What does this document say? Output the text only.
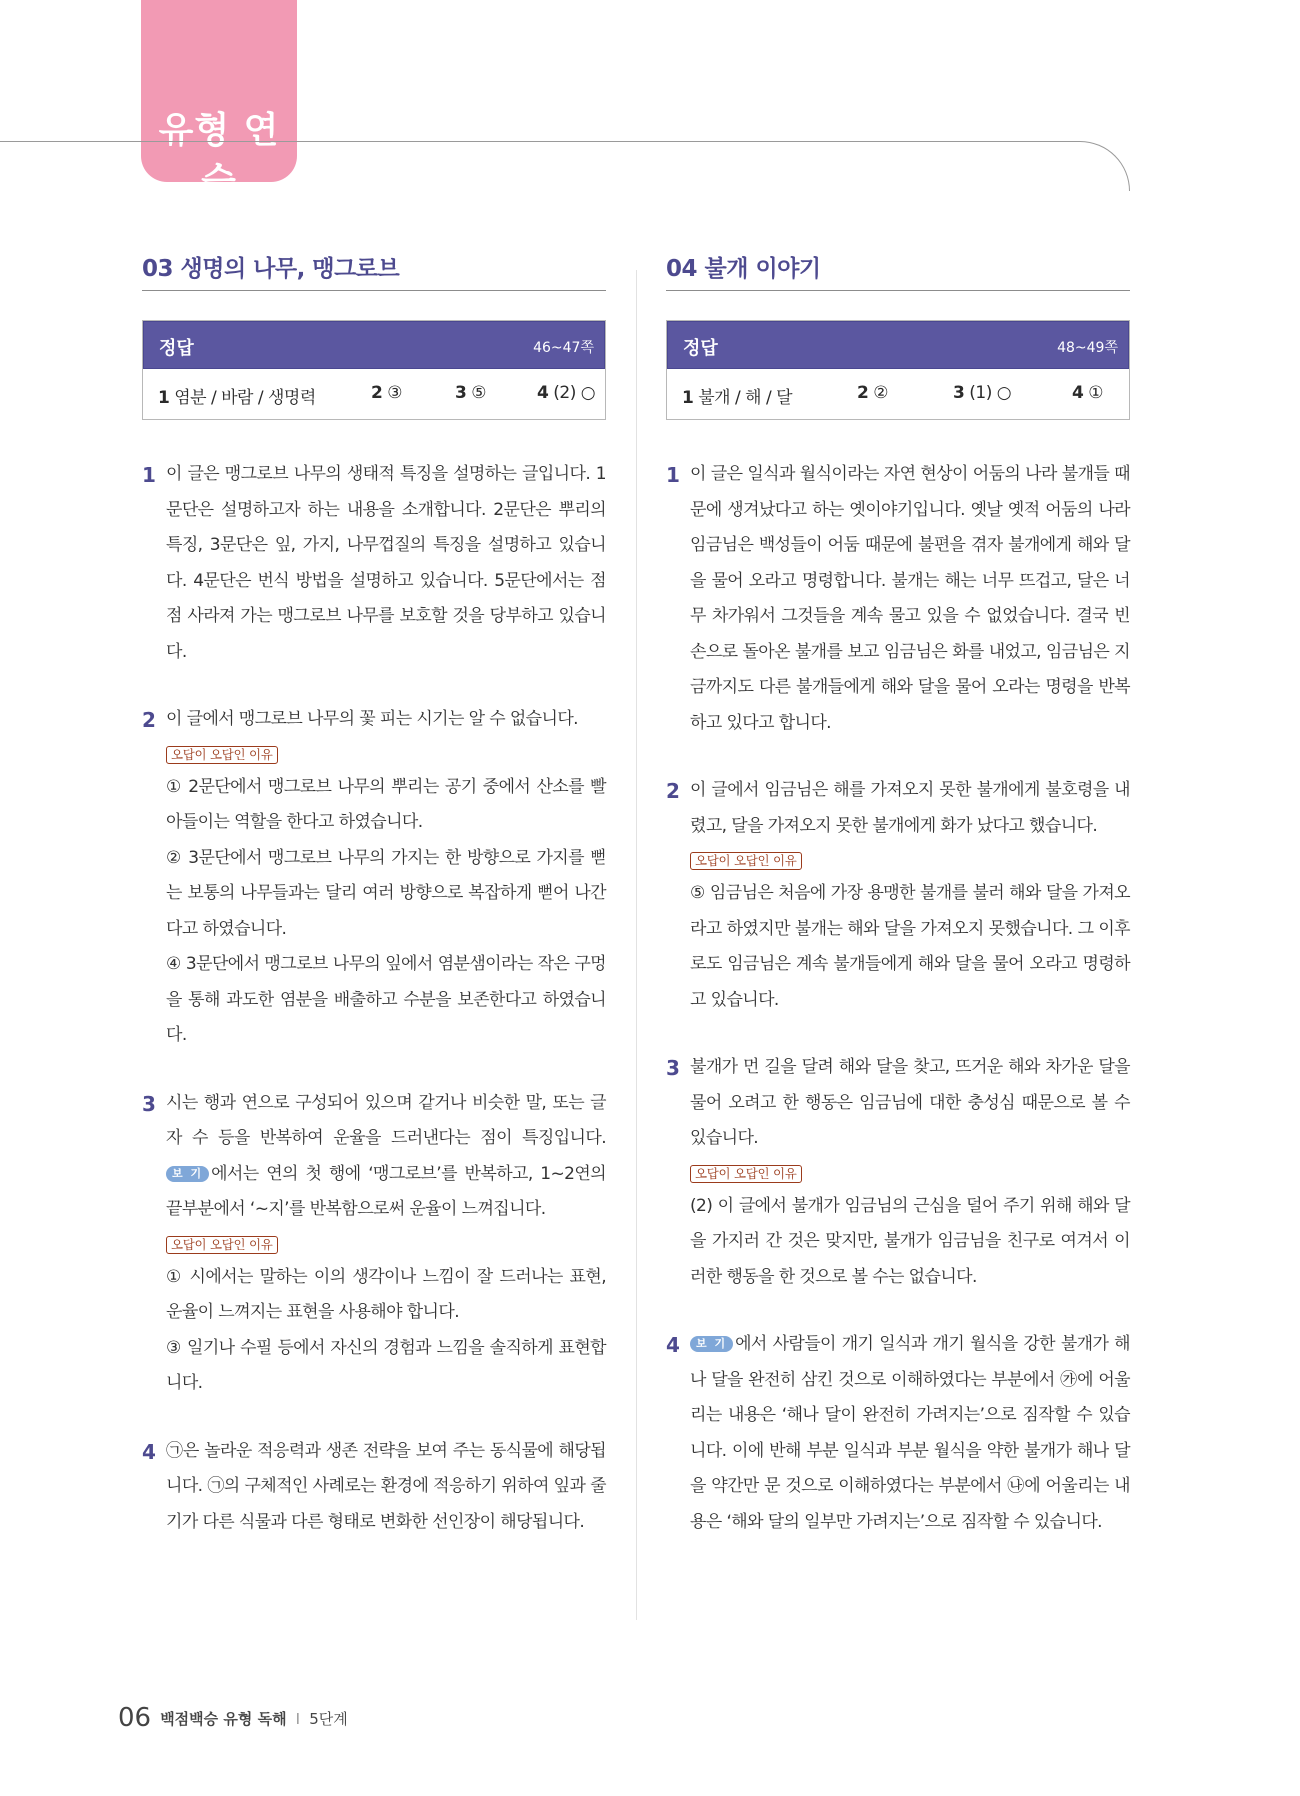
유형 연습
03 생명의 나무, 맹그로브
정답	46~47쪽
1 염분 / 바람 / 생명력	2 ③	3 ⑤	4 (2) ○
1 이 글은 맹그로브 나무의 생태적 특징을 설명하는 글입니다. 1문단은 설명하고자 하는 내용을 소개합니다. 2문단은 뿌리의 특징, 3문단은 잎, 가지, 나무껍질의 특징을 설명하고 있습니다. 4문단은 번식 방법을 설명하고 있습니다. 5문단에서는 점점 사라져 가는 맹그로브 나무를 보호할 것을 당부하고 있습니다.

2 이 글에서 맹그로브 나무의 꽃 피는 시기는 알 수 없습니다.

오답이 오답인 이유

① 2문단에서 맹그로브 나무의 뿌리는 공기 중에서 산소를 빨아들이는 역할을 한다고 하였습니다.

② 3문단에서 맹그로브 나무의 가지는 한 방향으로 가지를 뻗는 보통의 나무들과는 달리 여러 방향으로 복잡하게 뻗어 나간다고 하였습니다.

④ 3문단에서 맹그로브 나무의 잎에서 염분샘이라는 작은 구멍을 통해 과도한 염분을 배출하고 수분을 보존한다고 하였습니다.

3 시는 행과 연으로 구성되어 있으며 같거나 비슷한 말, 또는 글자 수 등을 반복하여 운율을 드러낸다는 점이 특징입니다. 보 기 에서는 연의 첫 행에 ‘맹그로브’를 반복하고, 1~2연의 끝부분에서 ‘~지’를 반복함으로써 운율이 느껴집니다.

오답이 오답인 이유

① 시에서는 말하는 이의 생각이나 느낌이 잘 드러나는 표현, 운율이 느껴지는 표현을 사용해야 합니다.

③ 일기나 수필 등에서 자신의 경험과 느낌을 솔직하게 표현합니다.

4 ㉠은 놀라운 적응력과 생존 전략을 보여 주는 동식물에 해당됩니다. ㉠의 구체적인 사례로는 환경에 적응하기 위하여 잎과 줄기가 다른 식물과 다른 형태로 변화한 선인장이 해당됩니다.

04 불개 이야기
정답	48~49쪽
1 불개 / 해 / 달	2 ②	3 (1) ○	4 ①
1 이 글은 일식과 월식이라는 자연 현상이 어둠의 나라 불개들 때문에 생겨났다고 하는 옛이야기입니다. 옛날 옛적 어둠의 나라 임금님은 백성들이 어둠 때문에 불편을 겪자 불개에게 해와 달을 물어 오라고 명령합니다. 불개는 해는 너무 뜨겁고, 달은 너무 차가워서 그것들을 계속 물고 있을 수 없었습니다. 결국 빈손으로 돌아온 불개를 보고 임금님은 화를 내었고, 임금님은 지금까지도 다른 불개들에게 해와 달을 물어 오라는 명령을 반복하고 있다고 합니다.

2 이 글에서 임금님은 해를 가져오지 못한 불개에게 불호령을 내렸고, 달을 가져오지 못한 불개에게 화가 났다고 했습니다.

오답이 오답인 이유

⑤ 임금님은 처음에 가장 용맹한 불개를 불러 해와 달을 가져오라고 하였지만 불개는 해와 달을 가져오지 못했습니다. 그 이후로도 임금님은 계속 불개들에게 해와 달을 물어 오라고 명령하고 있습니다.

3 불개가 먼 길을 달려 해와 달을 찾고, 뜨거운 해와 차가운 달을 물어 오려고 한 행동은 임금님에 대한 충성심 때문으로 볼 수 있습니다.

오답이 오답인 이유

(2) 이 글에서 불개가 임금님의 근심을 덜어 주기 위해 해와 달을 가지러 간 것은 맞지만, 불개가 임금님을 친구로 여겨서 이러한 행동을 한 것으로 볼 수는 없습니다.

4	보 기 에서 사람들이 개기 일식과 개기 월식을 강한 불개가 해나 달을 완전히 삼킨 것으로 이해하였다는 부분에서 ㉮에 어울리는 내용은 ‘해나 달이 완전히 가려지는’으로 짐작할 수 있습니다. 이에 반해 부분 일식과 부분 월식을 약한 불개가 해나 달을 약간만 문 것으로 이해하였다는 부분에서 ㉯에 어울리는 내용은 ‘해와 달의 일부만 가려지는’으로 짐작할 수 있습니다.

06 백점백승 유형 독해 I 5단계
